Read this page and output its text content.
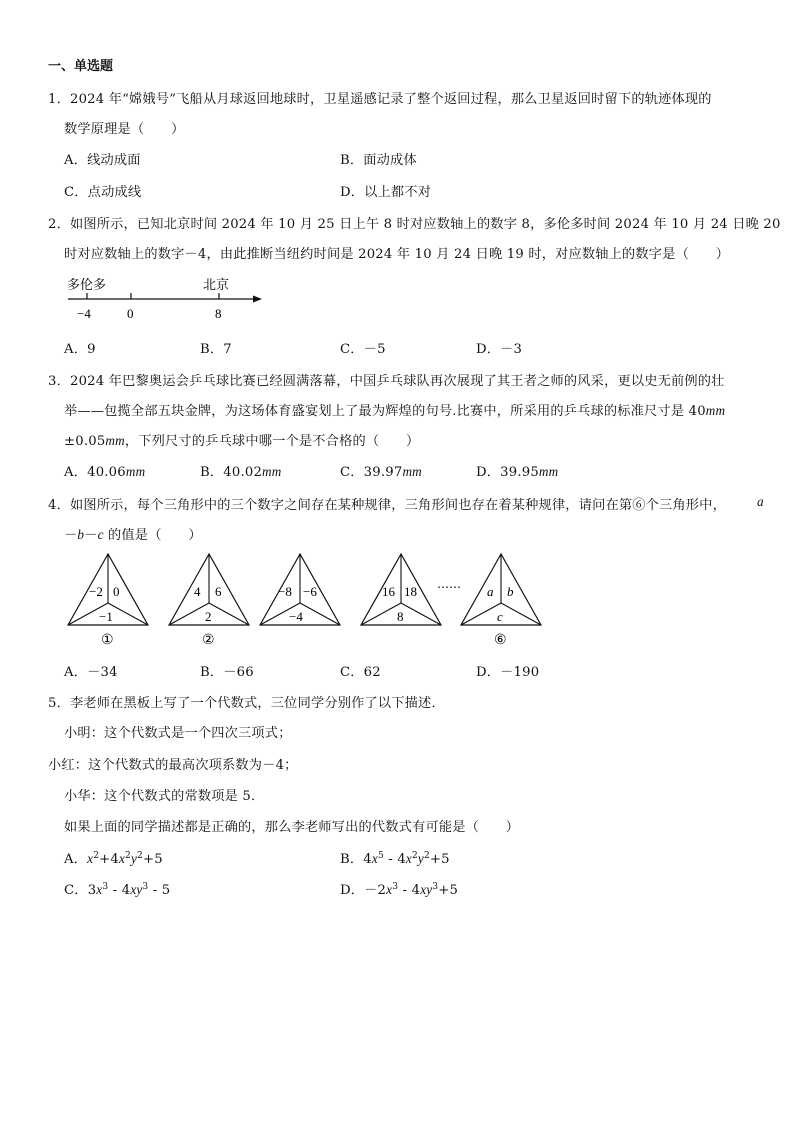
一、单选题
1．2024 年“嫦娥号”飞船从月球返回地球时，卫星遥感记录了整个返回过程，那么卫星返回时留下的轨迹体现的
数学原理是（　　）
A．线动成面	B．面动成体
C．点动成线	D．以上都不对
2．如图所示，已知北京时间 2024 年 10 月 25 日上午 8 时对应数轴上的数字 8，多伦多时间 2024 年 10 月 24 日晚 20
时对应数轴上的数字－4，由此推断当纽约时间是 2024 年 10 月 24 日晚 19 时，对应数轴上的数字是（　　）
多伦多	北京
−4	0	8
A．9	B．7	C．－5	D．－3
3．2024 年巴黎奥运会乒乓球比赛已经圆满落幕，中国乒乓球队再次展现了其王者之师的风采，更以史无前例的壮
举——包揽全部五块金牌，为这场体育盛宴划上了最为辉煌的句号.比赛中，所采用的乒乓球的标准尺寸是 40mm
±0.05mm，下列尺寸的乒乓球中哪一个是不合格的（　　）
A．40.06mm	B．40.02mm	C．39.97mm	D．39.95mm
4．如图所示，每个三角形中的三个数字之间存在某种规律，三角形间也存在着某种规律，请问在第⑥个三角形中， a
－b－c 的值是（　　）
−2 0
−1
①
4 6
2
②
−8 −6
−4
16 18
8
…… a b
c
⑥
A．－34	B．－66	C．62	D．－190
5．李老师在黑板上写了一个代数式，三位同学分别作了以下描述．
小明：这个代数式是一个四次三项式；
小红：这个代数式的最高次项系数为－4；
小华：这个代数式的常数项是 5．
如果上面的同学描述都是正确的，那么李老师写出的代数式有可能是（　　）
A．$x^2+4x^2y^2+5$	B．$4x^5 - 4x^2y^2+5$
C．$3x^3 - 4xy^3 - 5$	D．$-2x^3 - 4xy^3+5$
